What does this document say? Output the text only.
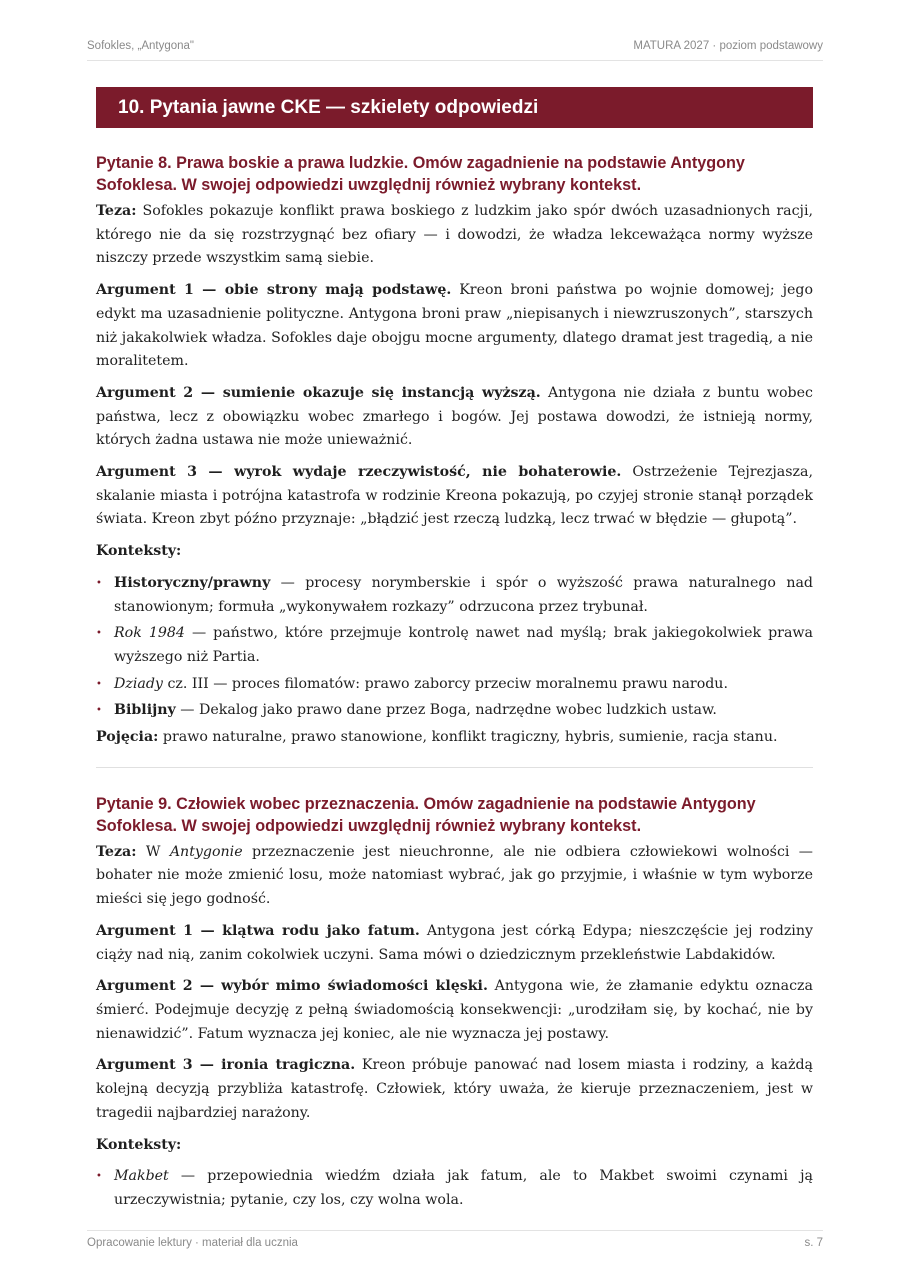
Sofokles, „Antygona"	MATURA 2027 · poziom podstawowy
10. Pytania jawne CKE — szkielety odpowiedzi
Pytanie 8. Prawa boskie a prawa ludzkie. Omów zagadnienie na podstawie Antygony Sofoklesa. W swojej odpowiedzi uwzględnij również wybrany kontekst.

Teza: Sofokles pokazuje konflikt prawa boskiego z ludzkim jako spór dwóch uzasadnionych racji, którego nie da się rozstrzygnąć bez ofiary — i dowodzi, że władza lekceważąca normy wyższe niszczy przede wszystkim samą siebie.

Argument 1 — obie strony mają podstawę. Kreon broni państwa po wojnie domowej; jego edykt ma uzasadnienie polityczne. Antygona broni praw „niepisanych i niewzruszonych”, starszych niż jakakolwiek władza. Sofokles daje obojgu mocne argumenty, dlatego dramat jest tragedią, a nie moralitetem.

Argument 2 — sumienie okazuje się instancją wyższą. Antygona nie działa z buntu wobec państwa, lecz z obowiązku wobec zmarłego i bogów. Jej postawa dowodzi, że istnieją normy, których żadna ustawa nie może unieważnić.

Argument 3 — wyrok wydaje rzeczywistość, nie bohaterowie. Ostrzeżenie Tejrezjasza, skalanie miasta i potrójna katastrofa w rodzinie Kreona pokazują, po czyjej stronie stanął porządek świata. Kreon zbyt późno przyznaje: „błądzić jest rzeczą ludzką, lecz trwać w błędzie — głupotą”.

Konteksty:

• Historyczny/prawny — procesy norymberskie i spór o wyższość prawa naturalnego nad stanowionym; formuła „wykonywałem rozkazy” odrzucona przez trybunał.
• Rok 1984 — państwo, które przejmuje kontrolę nawet nad myślą; brak jakiegokolwiek prawa wyższego niż Partia.
• Dziady cz. III — proces filomatów: prawo zaborcy przeciw moralnemu prawu narodu.
• Biblijny — Dekalog jako prawo dane przez Boga, nadrzędne wobec ludzkich ustaw.

Pojęcia: prawo naturalne, prawo stanowione, konflikt tragiczny, hybris, sumienie, racja stanu.

Pytanie 9. Człowiek wobec przeznaczenia. Omów zagadnienie na podstawie Antygony Sofoklesa. W swojej odpowiedzi uwzględnij również wybrany kontekst.

Teza: W Antygonie przeznaczenie jest nieuchronne, ale nie odbiera człowiekowi wolności — bohater nie może zmienić losu, może natomiast wybrać, jak go przyjmie, i właśnie w tym wyborze mieści się jego godność.

Argument 1 — klątwa rodu jako fatum. Antygona jest córką Edypa; nieszczęście jej rodziny ciąży nad nią, zanim cokolwiek uczyni. Sama mówi o dziedzicznym przekleństwie Labdakidów.

Argument 2 — wybór mimo świadomości klęski. Antygona wie, że złamanie edyktu oznacza śmierć. Podejmuje decyzję z pełną świadomością konsekwencji: „urodziłam się, by kochać, nie by nienawidzić”. Fatum wyznacza jej koniec, ale nie wyznacza jej postawy.

Argument 3 — ironia tragiczna. Kreon próbuje panować nad losem miasta i rodziny, a każdą kolejną decyzją przybliża katastrofę. Człowiek, który uważa, że kieruje przeznaczeniem, jest w tragedii najbardziej narażony.

Konteksty:

• Makbet — przepowiednia wiedźm działa jak fatum, ale to Makbet swoimi czynami ją urzeczywistnia; pytanie, czy los, czy wolna wola.
Opracowanie lektury · materiał dla ucznia	s. 7
